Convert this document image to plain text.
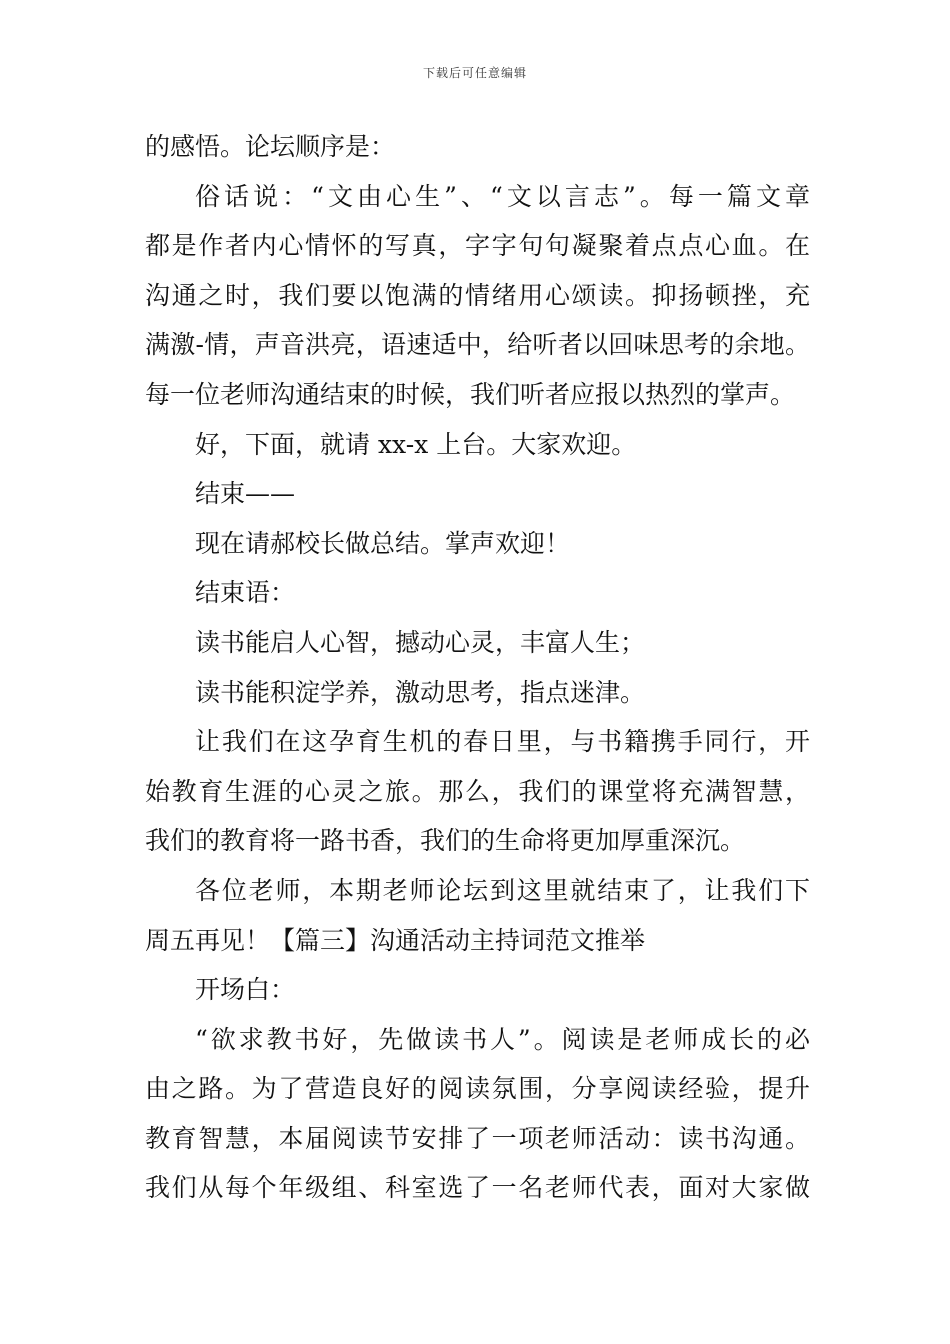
下载后可任意编辑
的感悟。论坛顺序是：
俗话说：“文由心生”、“文以言志”。每一篇文章
都是作者内心情怀的写真，字字句句凝聚着点点心血。在
沟通之时，我们要以饱满的情绪用心颂读。抑扬顿挫，充
满激-情，声音洪亮，语速适中，给听者以回味思考的余地。
每一位老师沟通结束的时候，我们听者应报以热烈的掌声。
好，下面，就请 xx-x 上台。大家欢迎。
结束——
现在请郝校长做总结。掌声欢迎！
结束语：
读书能启人心智，撼动心灵，丰富人生；
读书能积淀学养，激动思考，指点迷津。
让我们在这孕育生机的春日里，与书籍携手同行，开
始教育生涯的心灵之旅。那么，我们的课堂将充满智慧，
我们的教育将一路书香，我们的生命将更加厚重深沉。
各位老师，本期老师论坛到这里就结束了，让我们下
周五再见！【篇三】沟通活动主持词范文推举
开场白：
“欲求教书好，先做读书人”。阅读是老师成长的必
由之路。为了营造良好的阅读氛围，分享阅读经验，提升
教育智慧，本届阅读节安排了一项老师活动：读书沟通。
我们从每个年级组、科室选了一名老师代表，面对大家做
